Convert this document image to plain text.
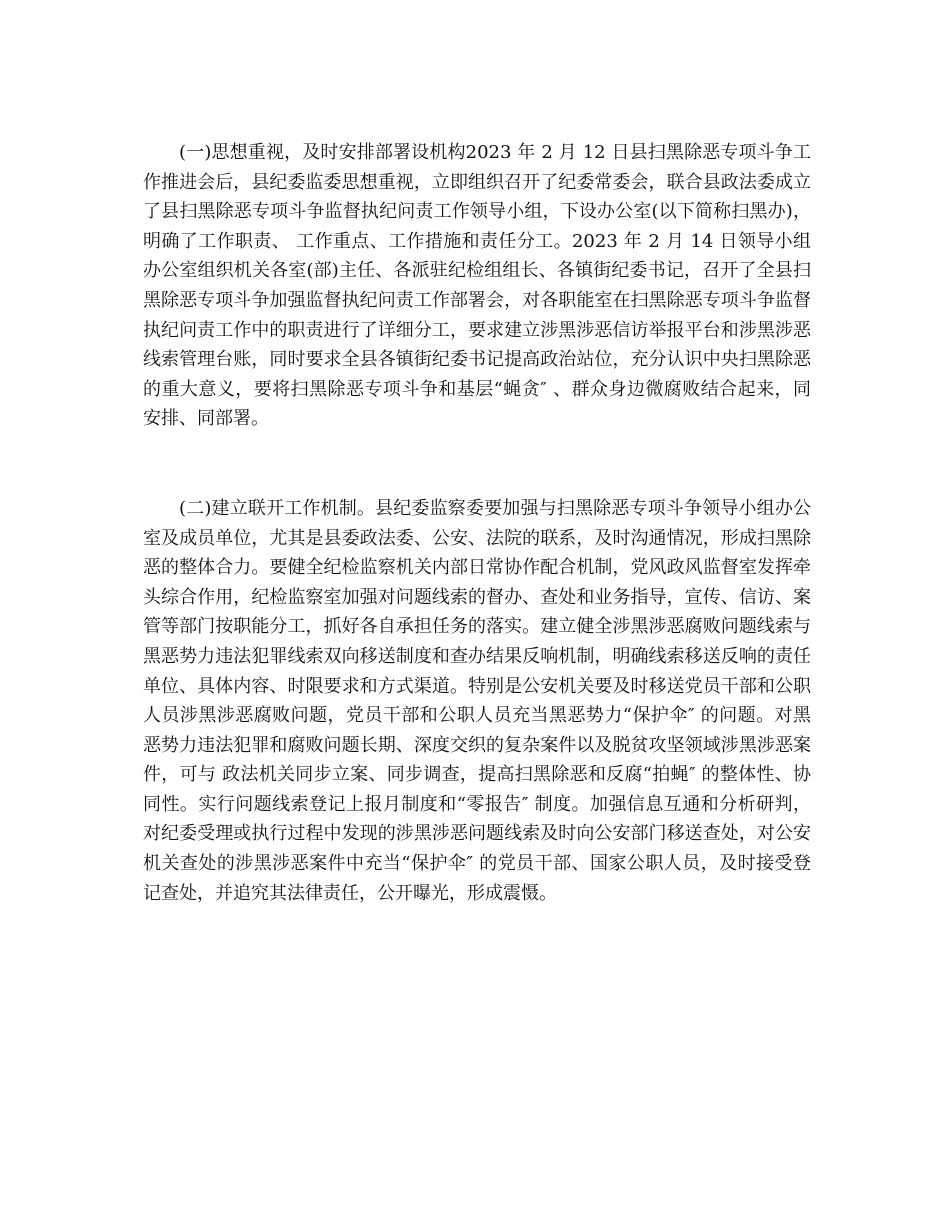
(一)思想重视，及时安排部署设机构2023 年 2 月 12 日县扫黑除恶专项斗争工作推进会后，县纪委监委思想重视，立即组织召开了纪委常委会，联合县政法委成立了县扫黑除恶专项斗争监督执纪问责工作领导小组，下设办公室(以下简称扫黑办)，明确了工作职责、 工作重点、工作措施和责任分工。2023 年 2 月 14 日领导小组办公室组织机关各室(部)主任、各派驻纪检组组长、各镇街纪委书记，召开了全县扫黑除恶专项斗争加强监督执纪问责工作部署会，对各职能室在扫黑除恶专项斗争监督执纪问责工作中的职责进行了详细分工，要求建立涉黑涉恶信访举报平台和涉黑涉恶线索管理台账，同时要求全县各镇街纪委书记提高政治站位，充分认识中央扫黑除恶的重大意义，要将扫黑除恶专项斗争和基层“蝇贪″ 、群众身边微腐败结合起来，同安排、同部署。

(二)建立联开工作机制。县纪委监察委要加强与扫黑除恶专项斗争领导小组办公室及成员单位，尤其是县委政法委、公安、法院的联系，及时沟通情况，形成扫黑除恶的整体合力。要健全纪检监察机关内部日常协作配合机制，党风政风监督室发挥牵头综合作用，纪检监察室加强对问题线索的督办、查处和业务指导，宣传、信访、案管等部门按职能分工，抓好各自承担任务的落实。建立健全涉黑涉恶腐败问题线索与黑恶势力违法犯罪线索双向移送制度和查办结果反响机制，明确线索移送反响的责任单位、具体内容、时限要求和方式渠道。特别是公安机关要及时移送党员干部和公职人员涉黑涉恶腐败问题，党员干部和公职人员充当黑恶势力“保护伞″ 的问题。对黑恶势力违法犯罪和腐败问题长期、深度交织的复杂案件以及脱贫攻坚领域涉黑涉恶案件，可与 政法机关同步立案、同步调查，提高扫黑除恶和反腐“拍蝇″ 的整体性、协同性。实行问题线索登记上报月制度和“零报告″ 制度。加强信息互通和分析研判，对纪委受理或执行过程中发现的涉黑涉恶问题线索及时向公安部门移送查处，对公安机关查处的涉黑涉恶案件中充当“保护伞″ 的党员干部、国家公职人员，及时接受登记查处，并追究其法律责任，公开曝光，形成震慑。
